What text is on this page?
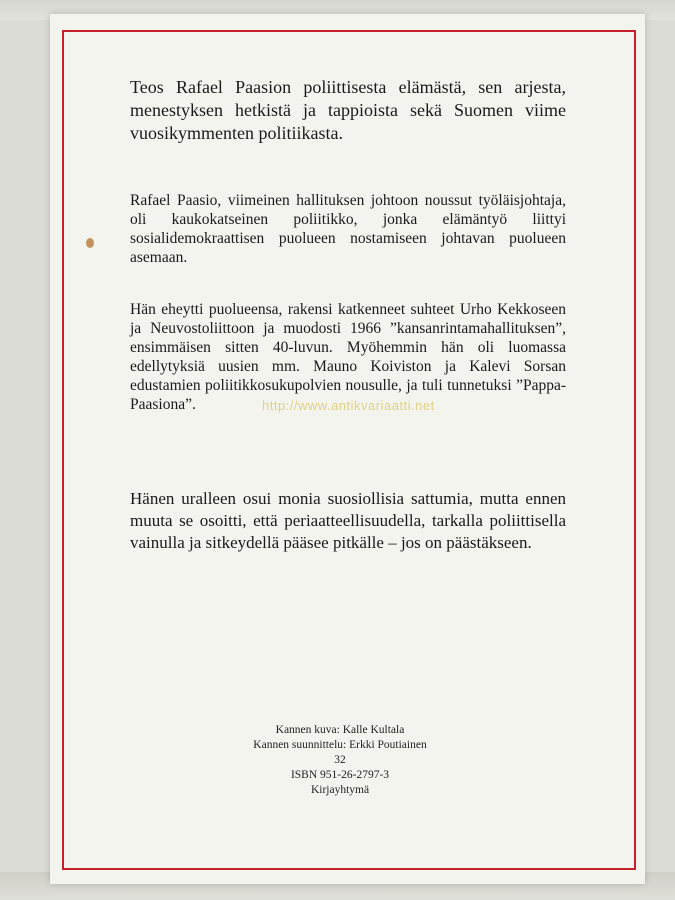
Teos Rafael Paasion poliittisesta elämästä, sen arjesta, menestyksen hetkistä ja tappioista sekä Suomen viime vuosikymmenten politiikasta.
Rafael Paasio, viimeinen hallituksen johtoon noussut työläisjohtaja, oli kaukokatseinen poliitikko, jonka elämäntyö liittyi sosialidemokraattisen puolueen nostamiseen johtavan puolueen asemaan.
Hän eheytti puolueensa, rakensi katkenneet suhteet Urho Kekkoseen ja Neuvostoliittoon ja muodosti 1966 ”kansanrintamahallituksen”, ensimmäisen sitten 40-luvun. Myöhemmin hän oli luomassa edellytyksiä uusien mm. Mauno Koiviston ja Kalevi Sorsan edustamien poliitikkosukupolvien nousulle, ja tuli tunnetuksi ”Pappa-Paasiona”.
Hänen uralleen osui monia suosiollisia sattumia, mutta ennen muuta se osoitti, että periaatteellisuudella, tarkalla poliittisella vainulla ja sitkeydellä pääsee pitkälle – jos on päästäkseen.
http://www.antikvariaatti.net
Kannen kuva: Kalle Kultala
Kannen suunnittelu: Erkki Poutiainen
32
ISBN 951-26-2797-3
Kirjayhtymä
